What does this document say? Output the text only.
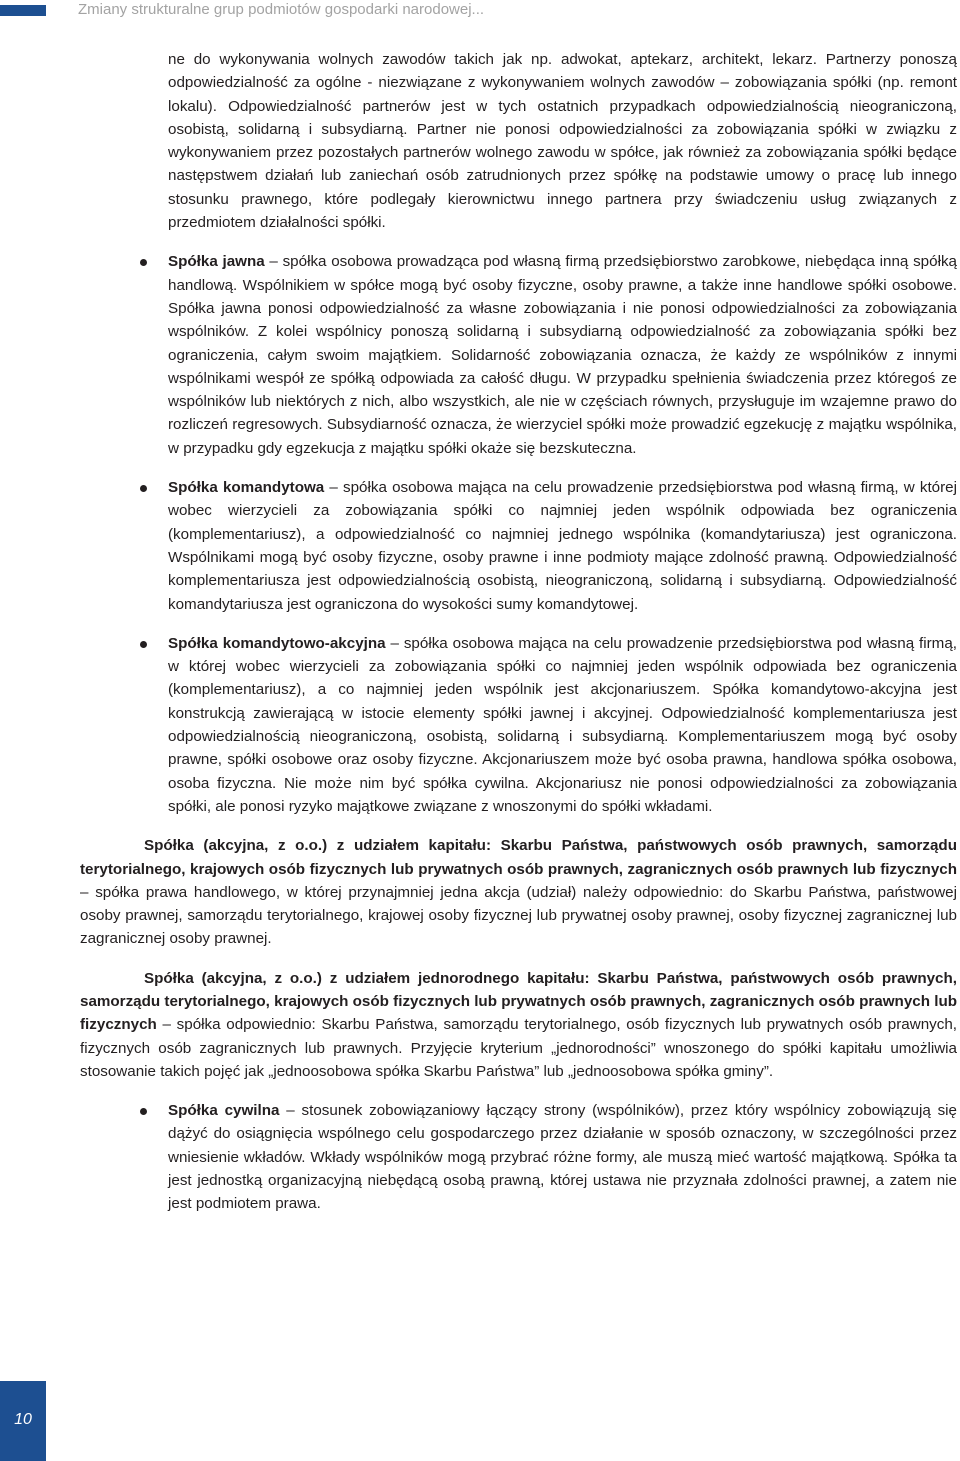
Zmiany strukturalne grup podmiotów gospodarki narodowej...

ne do wykonywania wolnych zawodów takich jak np. adwokat, aptekarz, architekt, lekarz. Partnerzy ponoszą odpowiedzialność za ogólne - niezwiązane z wykonywaniem wolnych zawodów – zobowiązania spółki (np. remont lokalu). Odpowiedzialność partnerów jest w tych ostatnich przypadkach odpowiedzialnością nieograniczoną, osobistą, solidarną i subsydiarną. Partner nie ponosi odpowiedzialności za zobowiązania spółki w związku z wykonywaniem przez pozostałych partnerów wolnego zawodu w spółce, jak również za zobowiązania spółki będące następstwem działań lub zaniechań osób zatrudnionych przez spółkę na podstawie umowy o pracę lub innego stosunku prawnego, które podlegały kierownictwu innego partnera przy świadczeniu usług związanych z przedmiotem działalności spółki.

Spółka jawna – spółka osobowa prowadząca pod własną firmą przedsiębiorstwo zarobkowe, niebędąca inną spółką handlową. Wspólnikiem w spółce mogą być osoby fizyczne, osoby prawne, a także inne handlowe spółki osobowe. Spółka jawna ponosi odpowiedzialność za własne zobowiązania i nie ponosi odpowiedzialności za zobowiązania wspólników. Z kolei wspólnicy ponoszą solidarną i subsydiarną odpowiedzialność za zobowiązania spółki bez ograniczenia, całym swoim majątkiem. Solidarność zobowiązania oznacza, że każdy ze wspólników z innymi wspólnikami wespół ze spółką odpowiada za całość długu. W przypadku spełnienia świadczenia przez któregoś ze wspólników lub niektórych z nich, albo wszystkich, ale nie w częściach równych, przysługuje im wzajemne prawo do rozliczeń regresowych. Subsydiarność oznacza, że wierzyciel spółki może prowadzić egzekucję z majątku wspólnika, w przypadku gdy egzekucja z majątku spółki okaże się bezskuteczna.

Spółka komandytowa – spółka osobowa mająca na celu prowadzenie przedsiębiorstwa pod własną firmą, w której wobec wierzycieli za zobowiązania spółki co najmniej jeden wspólnik odpowiada bez ograniczenia (komplementariusz), a odpowiedzialność co najmniej jednego wspólnika (komandytariusza) jest ograniczona. Wspólnikami mogą być osoby fizyczne, osoby prawne i inne podmioty mające zdolność prawną. Odpowiedzialność komplementariusza jest odpowiedzialnością osobistą, nieograniczoną, solidarną i subsydiarną. Odpowiedzialność komandytariusza jest ograniczona do wysokości sumy komandytowej.

Spółka komandytowo-akcyjna – spółka osobowa mająca na celu prowadzenie przedsiębiorstwa pod własną firmą, w której wobec wierzycieli za zobowiązania spółki co najmniej jeden wspólnik odpowiada bez ograniczenia (komplementariusz), a co najmniej jeden wspólnik jest akcjonariuszem. Spółka komandytowo-akcyjna jest konstrukcją zawierającą w istocie elementy spółki jawnej i akcyjnej. Odpowiedzialność komplementariusza jest odpowiedzialnością nieograniczoną, osobistą, solidarną i subsydiarną. Komplementariuszem mogą być osoby prawne, spółki osobowe oraz osoby fizyczne. Akcjonariuszem może być osoba prawna, handlowa spółka osobowa, osoba fizyczna. Nie może nim być spółka cywilna. Akcjonariusz nie ponosi odpowiedzialności za zobowiązania spółki, ale ponosi ryzyko majątkowe związane z wnoszonymi do spółki wkładami.

Spółka (akcyjna, z o.o.) z udziałem kapitału: Skarbu Państwa, państwowych osób prawnych, samorządu terytorialnego, krajowych osób fizycznych lub prywatnych osób prawnych, zagranicznych osób prawnych lub fizycznych – spółka prawa handlowego, w której przynajmniej jedna akcja (udział) należy odpowiednio: do Skarbu Państwa, państwowej osoby prawnej, samorządu terytorialnego, krajowej osoby fizycznej lub prywatnej osoby prawnej, osoby fizycznej zagranicznej lub zagranicznej osoby prawnej.

Spółka (akcyjna, z o.o.) z udziałem jednorodnego kapitału: Skarbu Państwa, państwowych osób prawnych, samorządu terytorialnego, krajowych osób fizycznych lub prywatnych osób prawnych, zagranicznych osób prawnych lub fizycznych – spółka odpowiednio: Skarbu Państwa, samorządu terytorialnego, osób fizycznych lub prywatnych osób prawnych, fizycznych osób zagranicznych lub prawnych. Przyjęcie kryterium „jednorodności” wnoszonego do spółki kapitału umożliwia stosowanie takich pojęć jak „jednoosobowa spółka Skarbu Państwa” lub „jednoosobowa spółka gminy”.

Spółka cywilna – stosunek zobowiązaniowy łączący strony (wspólników), przez który wspólnicy zobowiązują się dążyć do osiągnięcia wspólnego celu gospodarczego przez działanie w sposób oznaczony, w szczególności przez wniesienie wkładów. Wkłady wspólników mogą przybrać różne formy, ale muszą mieć wartość majątkową. Spółka ta jest jednostką organizacyjną niebędącą osobą prawną, której ustawa nie przyznała zdolności prawnej, a zatem nie jest podmiotem prawa.

10
